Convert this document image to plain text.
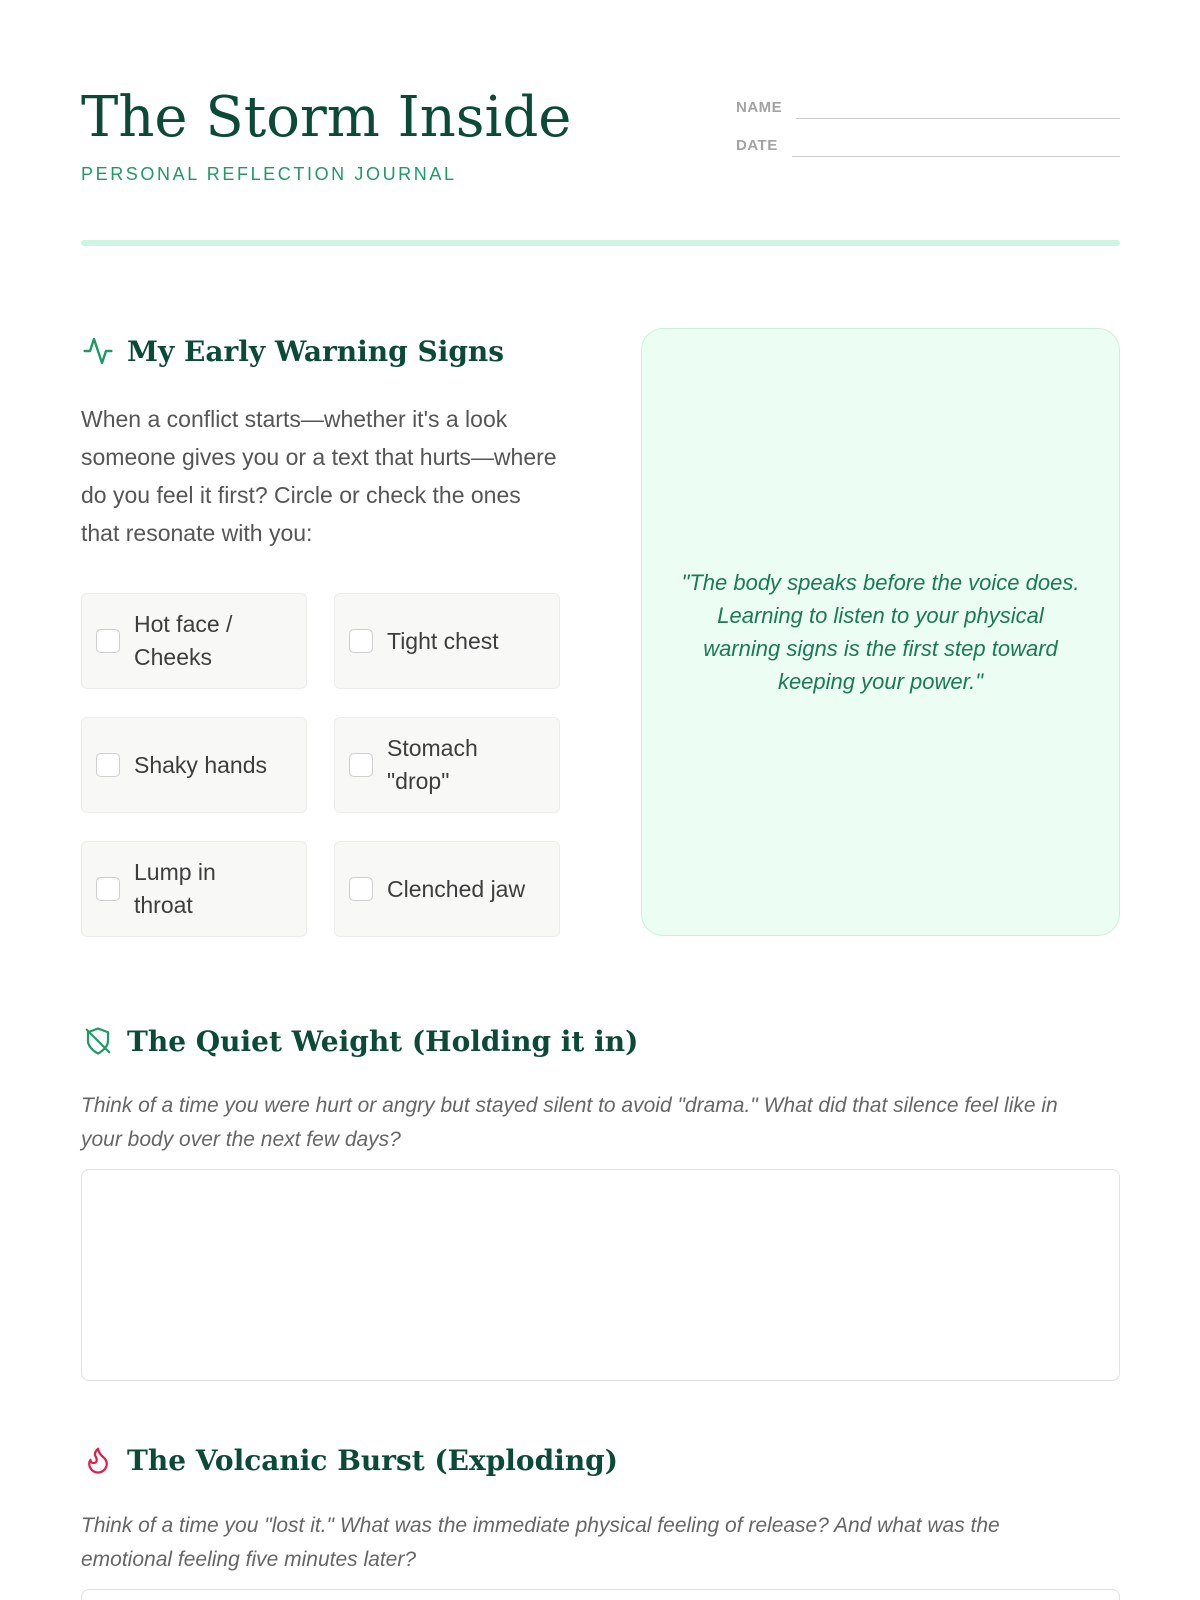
The Storm Inside
PERSONAL REFLECTION JOURNAL
NAME
DATE
My Early Warning Signs

When a conflict starts—whether it's a look someone gives you or a text that hurts—where do you feel it first? Circle or check the ones that resonate with you:

Hot face / Cheeks
Tight chest
Shaky hands
Stomach "drop"
Lump in throat
Clenched jaw

"The body speaks before the voice does. Learning to listen to your physical warning signs is the first step toward keeping your power."

The Quiet Weight (Holding it in)

Think of a time you were hurt or angry but stayed silent to avoid "drama." What did that silence feel like in your body over the next few days?

The Volcanic Burst (Exploding)

Think of a time you "lost it." What was the immediate physical feeling of release? And what was the emotional feeling five minutes later?
